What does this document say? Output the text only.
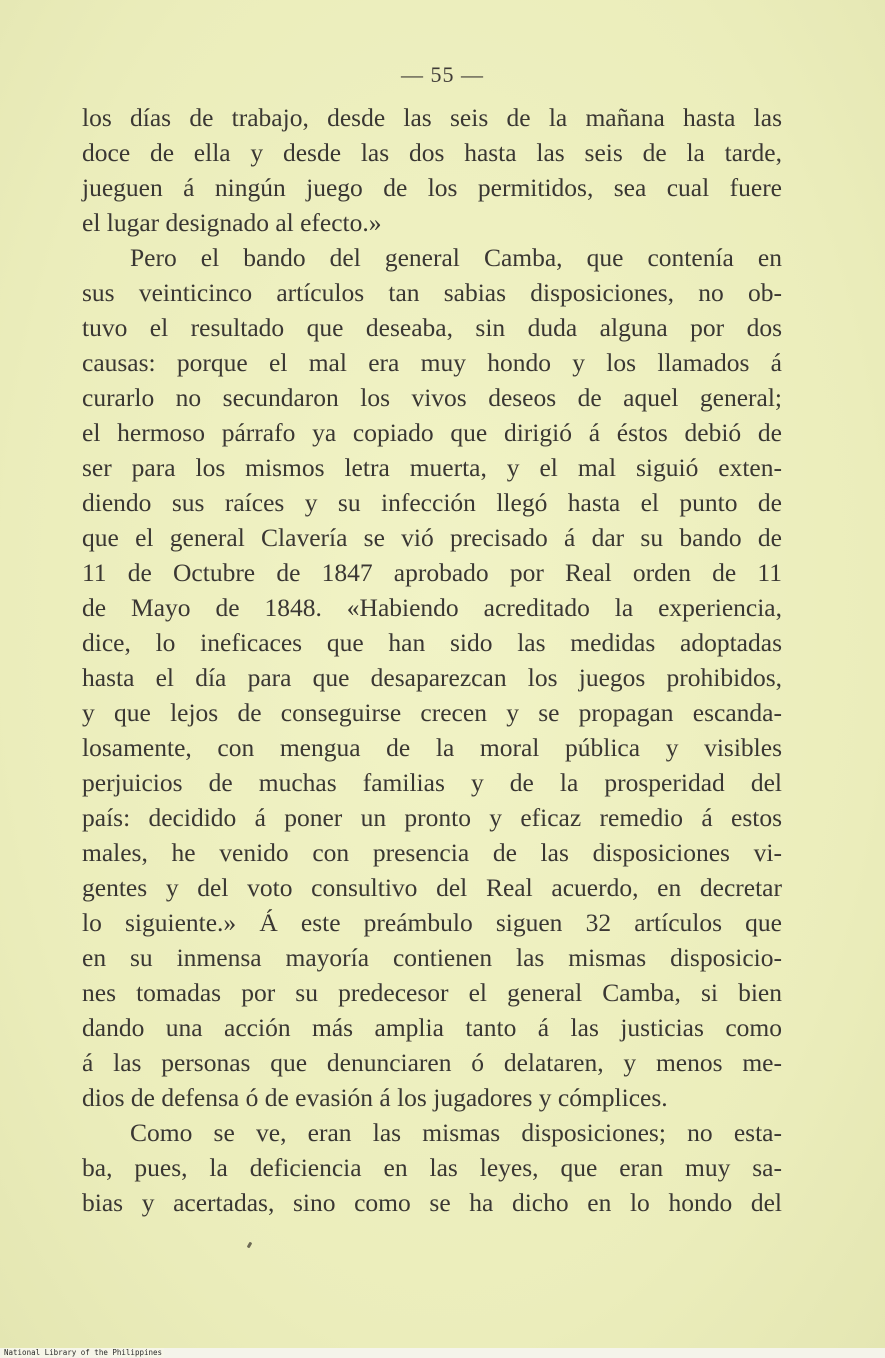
— 55 —
los días de trabajo, desde las seis de la mañana hasta las
doce de ella y desde las dos hasta las seis de la tarde,
jueguen á ningún juego de los permitidos, sea cual fuere
el lugar designado al efecto.»
Pero el bando del general Camba, que contenía en
sus veinticinco artículos tan sabias disposiciones, no ob-
tuvo el resultado que deseaba, sin duda alguna por dos
causas: porque el mal era muy hondo y los llamados á
curarlo no secundaron los vivos deseos de aquel general;
el hermoso párrafo ya copiado que dirigió á éstos debió de
ser para los mismos letra muerta, y el mal siguió exten-
diendo sus raíces y su infección llegó hasta el punto de
que el general Clavería se vió precisado á dar su bando de
11 de Octubre de 1847 aprobado por Real orden de 11
de Mayo de 1848. «Habiendo acreditado la experiencia,
dice, lo ineficaces que han sido las medidas adoptadas
hasta el día para que desaparezcan los juegos prohibidos,
y que lejos de conseguirse crecen y se propagan escanda-
losamente, con mengua de la moral pública y visibles
perjuicios de muchas familias y de la prosperidad del
país: decidido á poner un pronto y eficaz remedio á estos
males, he venido con presencia de las disposiciones vi-
gentes y del voto consultivo del Real acuerdo, en decretar
lo siguiente.» Á este preámbulo siguen 32 artículos que
en su inmensa mayoría contienen las mismas disposicio-
nes tomadas por su predecesor el general Camba, si bien
dando una acción más amplia tanto á las justicias como
á las personas que denunciaren ó delataren, y menos me-
dios de defensa ó de evasión á los jugadores y cómplices.
Como se ve, eran las mismas disposiciones; no esta-
ba, pues, la deficiencia en las leyes, que eran muy sa-
bias y acertadas, sino como se ha dicho en lo hondo del
National Library of the Philippines
